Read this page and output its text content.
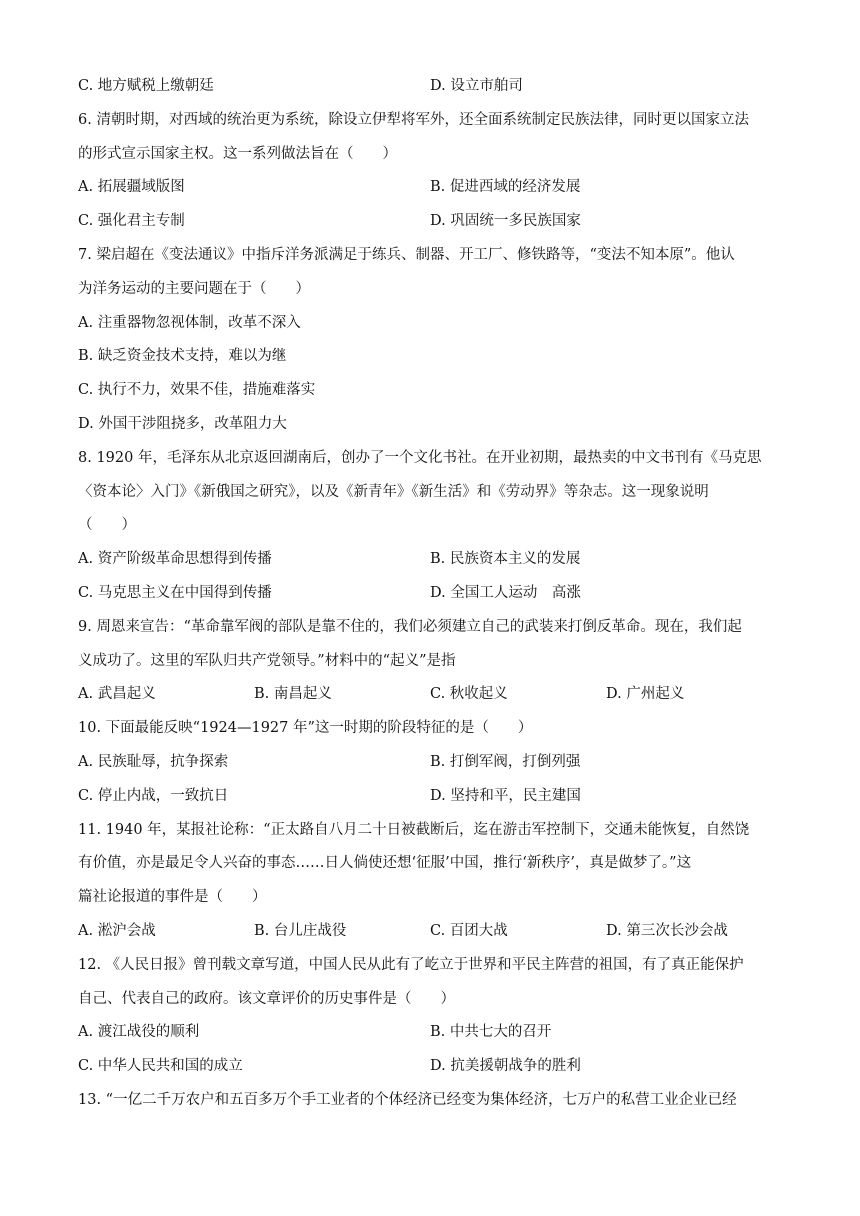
C. 地方赋税上缴朝廷	D. 设立市舶司
6. 清朝时期，对西域的统治更为系统，除设立伊犁将军外，还全面系统制定民族法律，同时更以国家立法
的形式宣示国家主权。这一系列做法旨在（　　）
A. 拓展疆域版图	B. 促进西域的经济发展
C. 强化君主专制	D. 巩固统一多民族国家
7. 梁启超在《变法通议》中指斥洋务派满足于练兵、制器、开工厂、修铁路等，“变法不知本原”。他认
为洋务运动的主要问题在于（　　）
A. 注重器物忽视体制，改革不深入
B. 缺乏资金技术支持，难以为继
C. 执行不力，效果不佳，措施难落实
D. 外国干涉阻挠多，改革阻力大
8. 1920 年，毛泽东从北京返回湖南后，创办了一个文化书社。在开业初期，最热卖的中文书刊有《马克思
〈资本论〉入门》《新俄国之研究》，以及《新青年》《新生活》和《劳动界》等杂志。这一现象说明
（　　）
A. 资产阶级革命思想得到传播	B. 民族资本主义的发展
C. 马克思主义在中国得到传播	D. 全国工人运动　高涨
9. 周恩来宣告：“革命靠军阀的部队是靠不住的，我们必须建立自己的武装来打倒反革命。现在，我们起
义成功了。这里的军队归共产党领导。”材料中的“起义”是指
A. 武昌起义	B. 南昌起义	C. 秋收起义	D. 广州起义
10. 下面最能反映“1924—1927 年”这一时期的阶段特征的是（　　）
A. 民族耻辱，抗争探索	B. 打倒军阀，打倒列强
C. 停止内战，一致抗日	D. 坚持和平，民主建国
11. 1940 年，某报社论称：“正太路自八月二十日被截断后，迄在游击军控制下，交通未能恢复，自然饶
有价值，亦是最足令人兴奋的事态……日人倘使还想‘征服’中国，推行‘新秩序’，真是做梦了。”这
篇社论报道的事件是（　　）
A. 淞沪会战	B. 台儿庄战役	C. 百团大战	D. 第三次长沙会战
12. 《人民日报》曾刊载文章写道，中国人民从此有了屹立于世界和平民主阵营的祖国，有了真正能保护
自己、代表自己的政府。该文章评价的历史事件是（　　）
A. 渡江战役的顺利	B. 中共七大的召开
C. 中华人民共和国的成立	D. 抗美援朝战争的胜利
13. “一亿二千万农户和五百多万个手工业者的个体经济已经变为集体经济，七万户的私营工业企业已经
